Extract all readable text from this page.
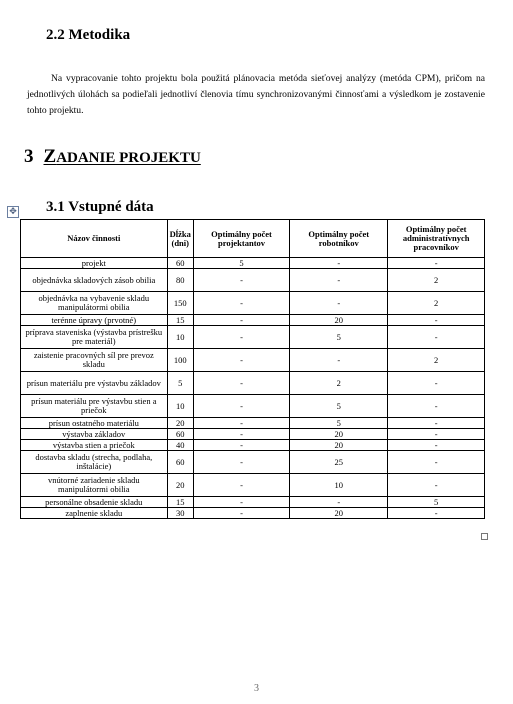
2.2 Metodika
Na vypracovanie tohto projektu bola použitá plánovacia metóda sieťovej analýzy (metóda CPM), pričom na jednotlivých úlohách sa podieľali jednotliví členovia tímu synchronizovanými činnosťami a výsledkom je zostavenie tohto projektu.
3 ZADANIE PROJEKTU
✥ 3.1 Vstupné dáta
Názov činnosti	Dĺžka (dni)	Optimálny počet projektantov	Optimálny počet robotníkov	Optimálny počet administratívnych pracovníkov
projekt	60	5	-	-
objednávka skladových zásob obilia	80	-	-	2
objednávka na vybavenie skladu manipulátormi obilia	150	-	-	2
terénne úpravy (prvotné)	15	-	20	-
príprava staveniska (výstavba prístrešku pre materiál)	10	-	5	-
zaistenie pracovných síl pre prevoz skladu	100	-	-	2
prísun materiálu pre výstavbu základov	5	-	2	-
prísun materiálu pre výstavbu stien a priečok	10	-	5	-
prísun ostatného materiálu	20	-	5	-
výstavba základov	60	-	20	-
výstavba stien a priečok	40	-	20	-
dostavba skladu (strecha, podlaha, inštalácie)	60	-	25	-
vnútorné zariadenie skladu manipulátormi obilia	20	-	10	-
personálne obsadenie skladu	15	-	-	5
zaplnenie skladu	30	-	20	-
3
